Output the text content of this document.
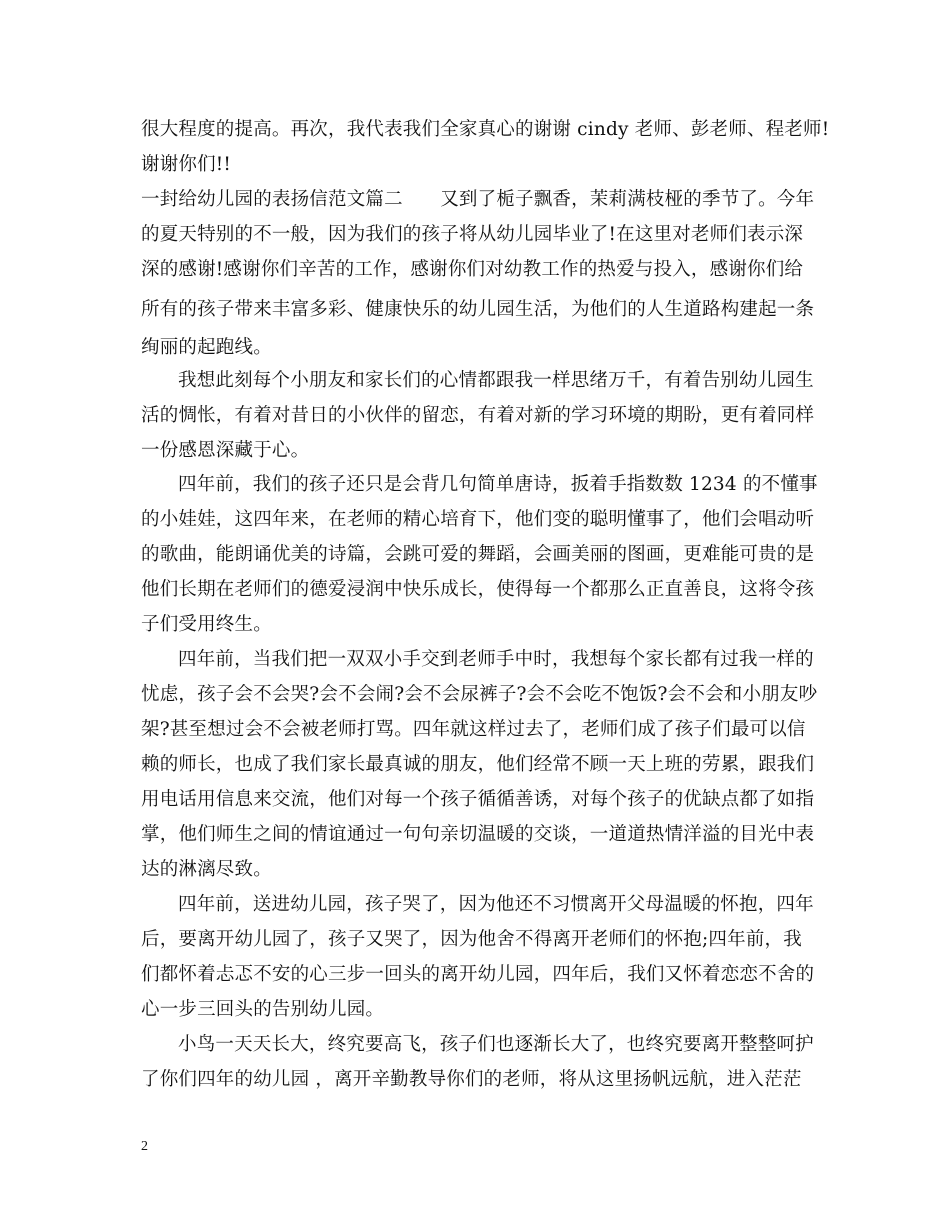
很大程度的提高。再次，我代表我们全家真心的谢谢 cindy 老师、彭老师、程老师!
谢谢你们!!
一封给幼儿园的表扬信范文篇二　　又到了栀子飘香，茉莉满枝桠的季节了。今年
的夏天特别的不一般，因为我们的孩子将从幼儿园毕业了!在这里对老师们表示深
深的感谢!感谢你们辛苦的工作，感谢你们对幼教工作的热爱与投入，感谢你们给
所有的孩子带来丰富多彩、健康快乐的幼儿园生活，为他们的人生道路构建起一条
绚丽的起跑线。
我想此刻每个小朋友和家长们的心情都跟我一样思绪万千，有着告别幼儿园生
活的惆怅，有着对昔日的小伙伴的留恋，有着对新的学习环境的期盼，更有着同样
一份感恩深藏于心。
四年前，我们的孩子还只是会背几句简单唐诗，扳着手指数数 1234 的不懂事
的小娃娃，这四年来，在老师的精心培育下，他们变的聪明懂事了，他们会唱动听
的歌曲，能朗诵优美的诗篇，会跳可爱的舞蹈，会画美丽的图画，更难能可贵的是
他们长期在老师们的德爱浸润中快乐成长，使得每一个都那么正直善良，这将令孩
子们受用终生。
四年前，当我们把一双双小手交到老师手中时，我想每个家长都有过我一样的
忧虑，孩子会不会哭?会不会闹?会不会尿裤子?会不会吃不饱饭?会不会和小朋友吵
架?甚至想过会不会被老师打骂。四年就这样过去了，老师们成了孩子们最可以信
赖的师长，也成了我们家长最真诚的朋友，他们经常不顾一天上班的劳累，跟我们
用电话用信息来交流，他们对每一个孩子循循善诱，对每个孩子的优缺点都了如指
掌，他们师生之间的情谊通过一句句亲切温暖的交谈，一道道热情洋溢的目光中表
达的淋漓尽致。
四年前，送进幼儿园，孩子哭了，因为他还不习惯离开父母温暖的怀抱，四年
后，要离开幼儿园了，孩子又哭了，因为他舍不得离开老师们的怀抱;四年前，我
们都怀着忐忑不安的心三步一回头的离开幼儿园，四年后，我们又怀着恋恋不舍的
心一步三回头的告别幼儿园。
小鸟一天天长大，终究要高飞，孩子们也逐渐长大了，也终究要离开整整呵护
了你们四年的幼儿园 ，离开辛勤教导你们的老师，将从这里扬帆远航，进入茫茫
2
